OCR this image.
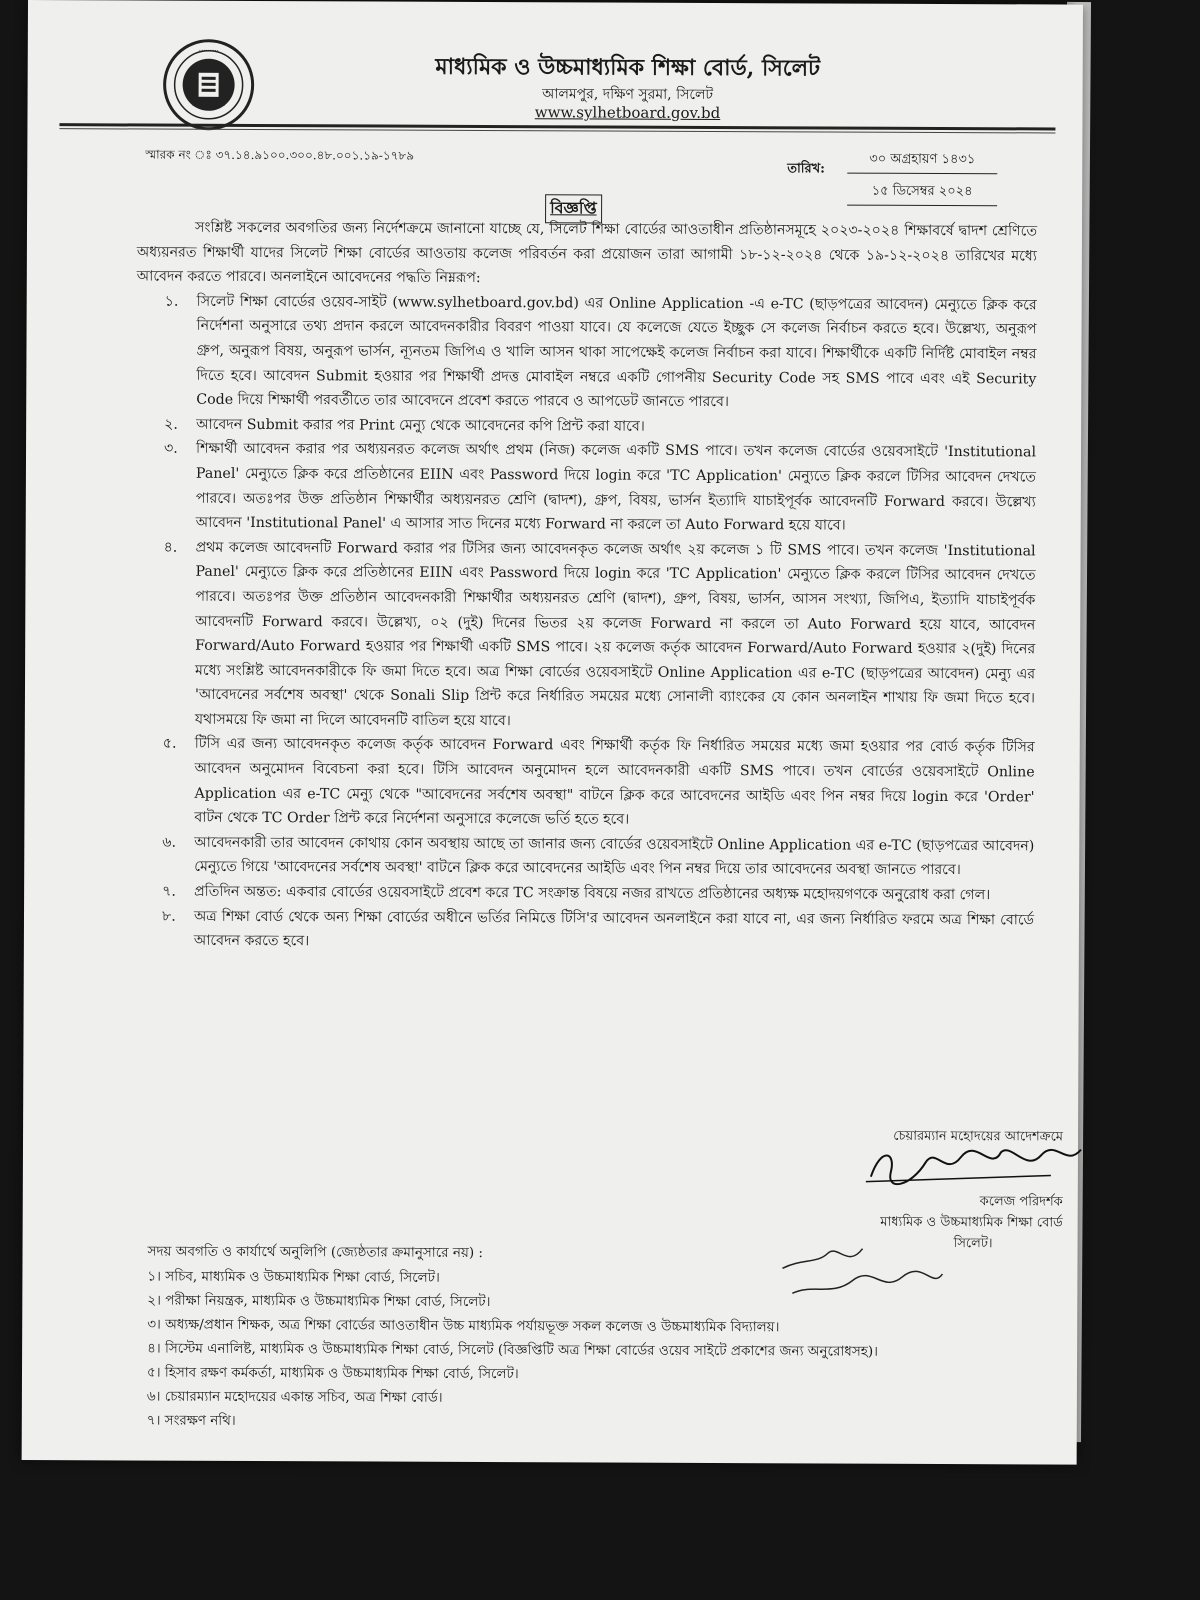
.........
মাধ্যমিক ও উচ্চমাধ্যমিক শিক্ষা বোর্ড, সিলেট
আলমপুর, দক্ষিণ সুরমা, সিলেট
www.sylhetboard.gov.bd
স্মারক নং ঃ ৩৭.১৪.৯১০০.৩০০.৪৮.০০১.১৯-১৭৮৯
তারিখ:
৩০ অগ্রহায়ণ ১৪৩১
১৫ ডিসেম্বর ২০২৪
বিজ্ঞপ্তি

সংশ্লিষ্ট সকলের অবগতির জন্য নির্দেশক্রমে জানানো যাচ্ছে যে, সিলেট শিক্ষা বোর্ডের আওতাধীন প্রতিষ্ঠানসমূহে ২০২৩-২০২৪ শিক্ষাবর্ষে দ্বাদশ শ্রেণিতে অধ্যয়নরত শিক্ষার্থী যাদের সিলেট শিক্ষা বোর্ডের আওতায় কলেজ পরিবর্তন করা প্রয়োজন তারা আগামী ১৮-১২-২০২৪ থেকে ১৯-১২-২০২৪ তারিখের মধ্যে আবেদন করতে পারবে। অনলাইনে আবেদনের পদ্ধতি নিম্নরূপ:

১.	সিলেট শিক্ষা বোর্ডের ওয়েব-সাইট (www.sylhetboard.gov.bd) এর Online Application -এ e-TC (ছাড়পত্রের আবেদন) মেন্যুতে ক্লিক করে নির্দেশনা অনুসারে তথ্য প্রদান করলে আবেদনকারীর বিবরণ পাওয়া যাবে। যে কলেজে যেতে ইচ্ছুক সে কলেজ নির্বাচন করতে হবে। উল্লেখ্য, অনুরূপ গ্রুপ, অনুরূপ বিষয়, অনুরূপ ভার্সন, ন্যূনতম জিপিএ ও খালি আসন থাকা সাপেক্ষেই কলেজ নির্বাচন করা যাবে। শিক্ষার্থীকে একটি নির্দিষ্ট মোবাইল নম্বর দিতে হবে। আবেদন Submit হওয়ার পর শিক্ষার্থী প্রদত্ত মোবাইল নম্বরে একটি গোপনীয় Security Code সহ SMS পাবে এবং এই Security Code দিয়ে শিক্ষার্থী পরবর্তীতে তার আবেদনে প্রবেশ করতে পারবে ও আপডেট জানতে পারবে।
২.	আবেদন Submit করার পর Print মেন্যু থেকে আবেদনের কপি প্রিন্ট করা যাবে।
৩.	শিক্ষার্থী আবেদন করার পর অধ্যয়নরত কলেজ অর্থাৎ প্রথম (নিজ) কলেজ একটি SMS পাবে। তখন কলেজ বোর্ডের ওয়েবসাইটে 'Institutional Panel' মেন্যুতে ক্লিক করে প্রতিষ্ঠানের EIIN এবং Password দিয়ে login করে 'TC Application' মেন্যুতে ক্লিক করলে টিসির আবেদন দেখতে পারবে। অতঃপর উক্ত প্রতিষ্ঠান শিক্ষার্থীর অধ্যয়নরত শ্রেণি (দ্বাদশ), গ্রুপ, বিষয়, ভার্সন ইত্যাদি যাচাইপূর্বক আবেদনটি Forward করবে। উল্লেখ্য আবেদন 'Institutional Panel' এ আসার সাত দিনের মধ্যে Forward না করলে তা Auto Forward হয়ে যাবে।
৪.	প্রথম কলেজ আবেদনটি Forward করার পর টিসির জন্য আবেদনকৃত কলেজ অর্থাৎ ২য় কলেজ ১ টি SMS পাবে। তখন কলেজ 'Institutional Panel' মেন্যুতে ক্লিক করে প্রতিষ্ঠানের EIIN এবং Password দিয়ে login করে 'TC Application' মেন্যুতে ক্লিক করলে টিসির আবেদন দেখতে পারবে। অতঃপর উক্ত প্রতিষ্ঠান আবেদনকারী শিক্ষার্থীর অধ্যয়নরত শ্রেণি (দ্বাদশ), গ্রুপ, বিষয়, ভার্সন, আসন সংখ্যা, জিপিএ, ইত্যাদি যাচাইপূর্বক আবেদনটি Forward করবে। উল্লেখ্য, ০২ (দুই) দিনের ভিতর ২য় কলেজ Forward না করলে তা Auto Forward হয়ে যাবে, আবেদন Forward/Auto Forward হওয়ার পর শিক্ষার্থী একটি SMS পাবে। ২য় কলেজ কর্তৃক আবেদন Forward/Auto Forward হওয়ার ২(দুই) দিনের মধ্যে সংশ্লিষ্ট আবেদনকারীকে ফি জমা দিতে হবে। অত্র শিক্ষা বোর্ডের ওয়েবসাইটে Online Application এর e-TC (ছাড়পত্রের আবেদন) মেন্যু এর 'আবেদনের সর্বশেষ অবস্থা' থেকে Sonali Slip প্রিন্ট করে নির্ধারিত সময়ের মধ্যে সোনালী ব্যাংকের যে কোন অনলাইন শাখায় ফি জমা দিতে হবে। যথাসময়ে ফি জমা না দিলে আবেদনটি বাতিল হয়ে যাবে।
৫.	টিসি এর জন্য আবেদনকৃত কলেজ কর্তৃক আবেদন Forward এবং শিক্ষার্থী কর্তৃক ফি নির্ধারিত সময়ের মধ্যে জমা হওয়ার পর বোর্ড কর্তৃক টিসির আবেদন অনুমোদন বিবেচনা করা হবে। টিসি আবেদন অনুমোদন হলে আবেদনকারী একটি SMS পাবে। তখন বোর্ডের ওয়েবসাইটে Online Application এর e-TC মেন্যু থেকে "আবেদনের সর্বশেষ অবস্থা" বাটনে ক্লিক করে আবেদনের আইডি এবং পিন নম্বর দিয়ে login করে 'Order' বাটন থেকে TC Order প্রিন্ট করে নির্দেশনা অনুসারে কলেজে ভর্তি হতে হবে।
৬.	আবেদনকারী তার আবেদন কোথায় কোন অবস্থায় আছে তা জানার জন্য বোর্ডের ওয়েবসাইটে Online Application এর e-TC (ছাড়পত্রের আবেদন) মেন্যুতে গিয়ে 'আবেদনের সর্বশেষ অবস্থা' বাটনে ক্লিক করে আবেদনের আইডি এবং পিন নম্বর দিয়ে তার আবেদনের অবস্থা জানতে পারবে।
৭.	প্রতিদিন অন্তত: একবার বোর্ডের ওয়েবসাইটে প্রবেশ করে TC সংক্রান্ত বিষয়ে নজর রাখতে প্রতিষ্ঠানের অধ্যক্ষ মহোদয়গণকে অনুরোধ করা গেল।
৮.	অত্র শিক্ষা বোর্ড থেকে অন্য শিক্ষা বোর্ডের অধীনে ভর্তির নিমিত্তে টিসি'র আবেদন অনলাইনে করা যাবে না, এর জন্য নির্ধারিত ফরমে অত্র শিক্ষা বোর্ডে আবেদন করতে হবে।
চেয়ারম্যান মহোদয়ের আদেশক্রমে
কলেজ পরিদর্শক
মাধ্যমিক ও উচ্চমাধ্যমিক শিক্ষা বোর্ড
সিলেট।
সদয় অবগতি ও কার্যার্থে অনুলিপি (জ্যেষ্ঠতার ক্রমানুসারে নয়) :
১। সচিব, মাধ্যমিক ও উচ্চমাধ্যমিক শিক্ষা বোর্ড, সিলেট।
২। পরীক্ষা নিয়ন্ত্রক, মাধ্যমিক ও উচ্চমাধ্যমিক শিক্ষা বোর্ড, সিলেট।
৩। অধ্যক্ষ/প্রধান শিক্ষক, অত্র শিক্ষা বোর্ডের আওতাধীন উচ্চ মাধ্যমিক পর্যায়ভূক্ত সকল কলেজ ও উচ্চমাধ্যমিক বিদ্যালয়।
৪। সিস্টেম এনালিষ্ট, মাধ্যমিক ও উচ্চমাধ্যমিক শিক্ষা বোর্ড, সিলেট (বিজ্ঞপ্তিটি অত্র শিক্ষা বোর্ডের ওয়েব সাইটে প্রকাশের জন্য অনুরোধসহ)।
৫। হিসাব রক্ষণ কর্মকর্তা, মাধ্যমিক ও উচ্চমাধ্যমিক শিক্ষা বোর্ড, সিলেট।
৬। চেয়ারম্যান মহোদয়ের একান্ত সচিব, অত্র শিক্ষা বোর্ড।
৭। সংরক্ষণ নথি।
